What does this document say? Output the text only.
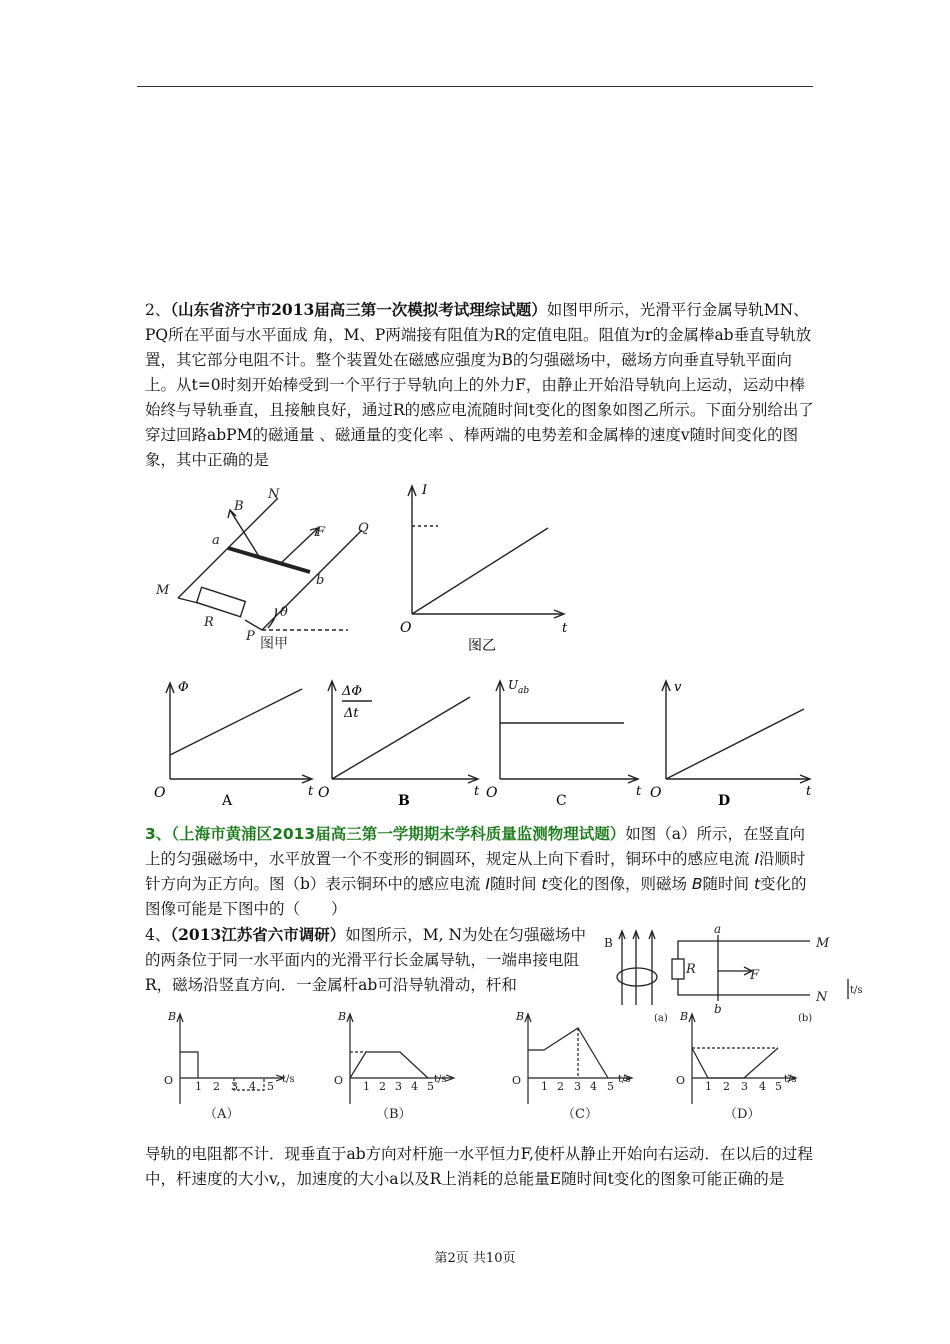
2、（山东省济宁市2013届高三第一次模拟考试理综试题）如图甲所示，光滑平行金属导轨MN、PQ所在平面与水平面成 角，M、P两端接有阻值为R的定值电阻。阻值为r的金属棒ab垂直导轨放置，其它部分电阻不计。整个装置处在磁感应强度为B的匀强磁场中，磁场方向垂直导轨平面向上。从t=0时刻开始棒受到一个平行于导轨向上的外力F，由静止开始沿导轨向上运动，运动中棒始终与导轨垂直，且接触良好，通过R的感应电流随时间t变化的图象如图乙所示。下面分别给出了穿过回路abPM的磁通量 、磁通量的变化率 、棒两端的电势差和金属棒的速度v随时间变化的图象，其中正确的是

B
N
F
a
Q
b
M
R
P
θ
图甲
I
t
O
图乙
Φ
t
O	A
ΔΦ
Δt
t
O	B
U ab
t
O	C
v
t
O	D

3、（上海市黄浦区2013届高三第一学期期末学科质量监测物理试题）如图（a）所示，在竖直向上的匀强磁场中，水平放置一个不变形的铜圆环，规定从上向下看时，铜环中的感应电流 I沿顺时针方向为正方向。图（b）表示铜环中的感应电流 I随时间 t变化的图像，则磁场 B随时间 t变化的图像可能是下图中的（　　）

4、（2013江苏省六市调研）如图所示，M, N为处在匀强磁场中的两条位于同一水平面内的光滑平行长金属导轨，一端串接电阻R，磁场沿竖直方向．一金属杆ab可沿导轨滑动，杆和

B
a
b
M
N
R	F
(a)	(b)
t/s
B
O 1 2 3 4 5
t/s
（A）
B
O 1 2 3 4 5
t/s
（B）
B
O 1 2 3 4 5
t/s
（C）
B
O 1 2 3 4 5
t/s
（D）

导轨的电阻都不计．现垂直于ab方向对杆施一水平恒力F,使杆从静止开始向右运动．在以后的过程中，杆速度的大小v,，加速度的大小a以及R上消耗的总能量E随时间t变化的图象可能正确的是

第2页 共10页
